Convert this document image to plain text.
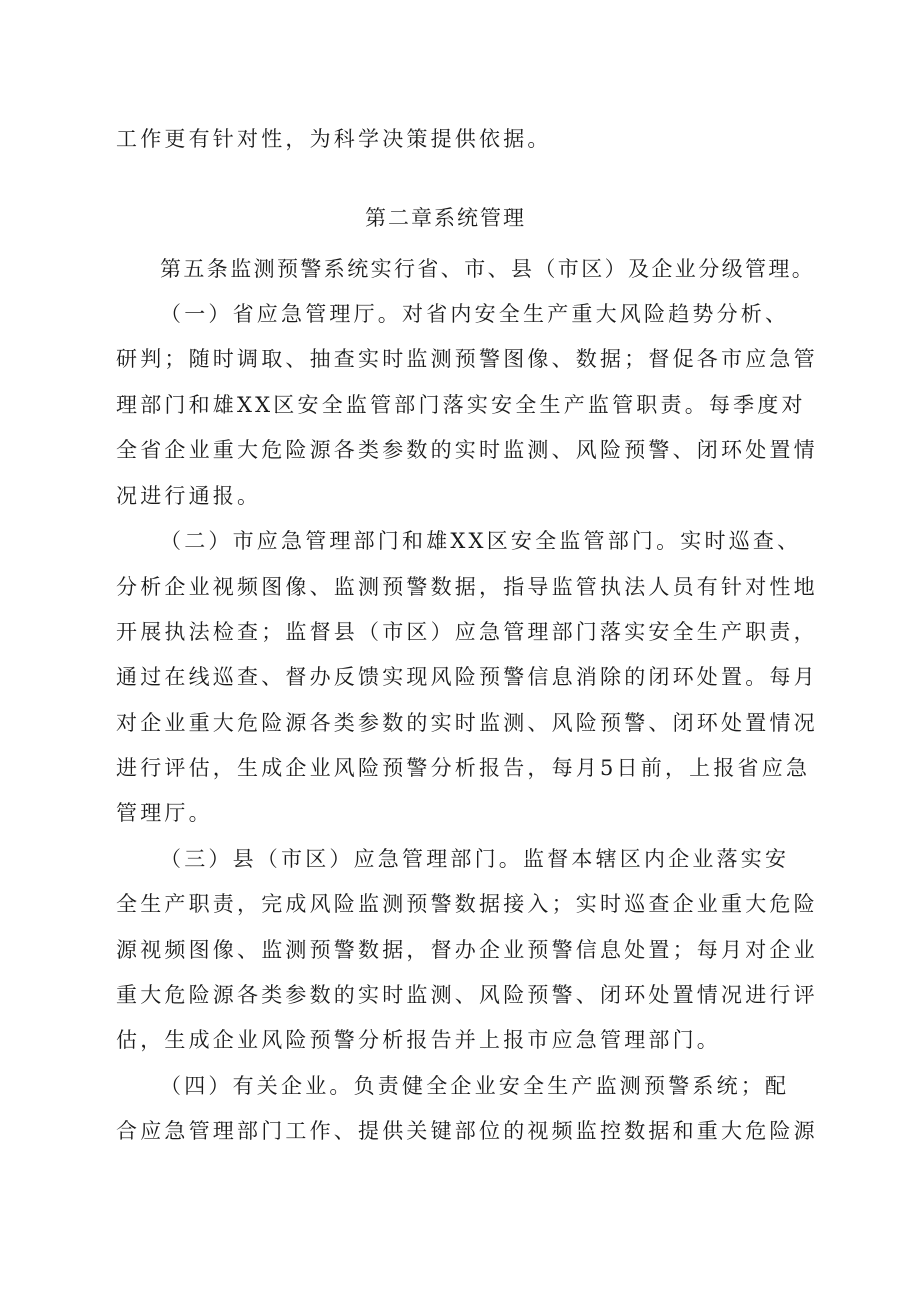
工作更有针对性，为科学决策提供依据。
第二章系统管理
第五条监测预警系统实行省、市、县（市区）及企业分级管理。
（一）省应急管理厅。对省内安全生产重大风险趋势分析、
研判；随时调取、抽查实时监测预警图像、数据；督促各市应急管
理部门和雄XX区安全监管部门落实安全生产监管职责。每季度对
全省企业重大危险源各类参数的实时监测、风险预警、闭环处置情
况进行通报。
（二）市应急管理部门和雄XX区安全监管部门。实时巡查、
分析企业视频图像、监测预警数据，指导监管执法人员有针对性地
开展执法检查；监督县（市区）应急管理部门落实安全生产职责，
通过在线巡查、督办反馈实现风险预警信息消除的闭环处置。每月
对企业重大危险源各类参数的实时监测、风险预警、闭环处置情况
进行评估，生成企业风险预警分析报告，每月5日前，上报省应急
管理厅。
（三）县（市区）应急管理部门。监督本辖区内企业落实安
全生产职责，完成风险监测预警数据接入；实时巡查企业重大危险
源视频图像、监测预警数据，督办企业预警信息处置；每月对企业
重大危险源各类参数的实时监测、风险预警、闭环处置情况进行评
估，生成企业风险预警分析报告并上报市应急管理部门。
（四）有关企业。负责健全企业安全生产监测预警系统；配
合应急管理部门工作、提供关键部位的视频监控数据和重大危险源
